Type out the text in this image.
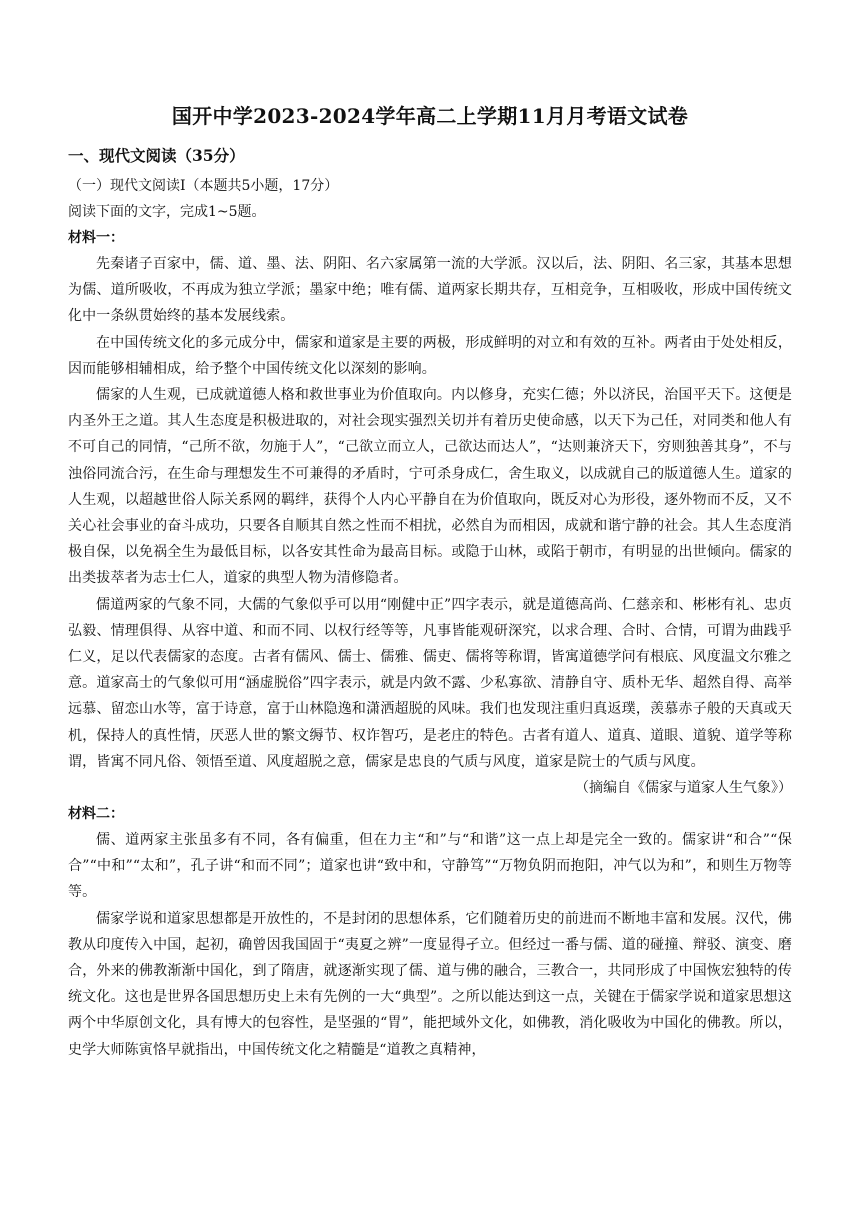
国开中学2023-2024学年高二上学期11月月考语文试卷
一、现代文阅读（35分）
（一）现代文阅读I（本题共5小题，17分）
阅读下面的文字，完成1~5题。
材料一：

先秦诸子百家中，儒、道、墨、法、阴阳、名六家属第一流的大学派。汉以后，法、阴阳、名三家，其基本思想为儒、道所吸收，不再成为独立学派；墨家中绝；唯有儒、道两家长期共存，互相竞争，互相吸收，形成中国传统文化中一条纵贯始终的基本发展线索。

在中国传统文化的多元成分中，儒家和道家是主要的两极，形成鲜明的对立和有效的互补。两者由于处处相反，因而能够相辅相成，给予整个中国传统文化以深刻的影响。

儒家的人生观，已成就道德人格和救世事业为价值取向。内以修身，充实仁德；外以济民，治国平天下。这便是内圣外王之道。其人生态度是积极进取的，对社会现实强烈关切并有着历史使命感，以天下为己任，对同类和他人有不可自己的同情，“己所不欲，勿施于人”，“己欲立而立人，己欲达而达人”，“达则兼济天下，穷则独善其身”，不与浊俗同流合污，在生命与理想发生不可兼得的矛盾时，宁可杀身成仁，舍生取义，以成就自己的版道德人生。道家的人生观，以超越世俗人际关系网的羁绊，获得个人内心平静自在为价值取向，既反对心为形役，逐外物而不反，又不关心社会事业的奋斗成功，只要各自顺其自然之性而不相扰，必然自为而相因，成就和谐宁静的社会。其人生态度消极自保，以免祸全生为最低目标，以各安其性命为最高目标。或隐于山林，或陷于朝市，有明显的出世倾向。儒家的出类拔萃者为志士仁人，道家的典型人物为清修隐者。

儒道两家的气象不同，大儒的气象似乎可以用“刚健中正”四字表示，就是道德高尚、仁慈亲和、彬彬有礼、忠贞弘毅、情理俱得、从容中道、和而不同、以权行经等等，凡事皆能观研深究，以求合理、合时、合情，可谓为曲践乎仁义，足以代表儒家的态度。古者有儒风、儒士、儒雅、儒吏、儒将等称谓，皆寓道德学问有根底、风度温文尔雅之意。道家高士的气象似可用“涵虚脱俗”四字表示，就是内敛不露、少私寡欲、清静自守、质朴无华、超然自得、高举远慕、留恋山水等，富于诗意，富于山林隐逸和潇洒超脱的风味。我们也发现注重归真返璞，羡慕赤子般的天真或天机，保持人的真性情，厌恶人世的繁文缛节、权诈智巧，是老庄的特色。古者有道人、道真、道眼、道貌、道学等称谓，皆寓不同凡俗、领悟至道、风度超脱之意，儒家是忠良的气质与风度，道家是院士的气质与风度。

（摘编自《儒家与道家人生气象》）
材料二：

儒、道两家主张虽多有不同，各有偏重，但在力主“和”与“和谐”这一点上却是完全一致的。儒家讲“和合”“保合”“中和”“太和”，孔子讲“和而不同”；道家也讲“致中和，守静笃”“万物负阴而抱阳，冲气以为和”，和则生万物等等。

儒家学说和道家思想都是开放性的，不是封闭的思想体系，它们随着历史的前进而不断地丰富和发展。汉代，佛教从印度传入中国，起初，确曾因我国固于“夷夏之辨”一度显得孑立。但经过一番与儒、道的碰撞、辩驳、演变、磨合，外来的佛教渐渐中国化，到了隋唐，就逐渐实现了儒、道与佛的融合，三教合一，共同形成了中国恢宏独特的传统文化。这也是世界各国思想历史上未有先例的一大“典型”。之所以能达到这一点，关键在于儒家学说和道家思想这两个中华原创文化，具有博大的包容性，是坚强的“胃”，能把域外文化，如佛教，消化吸收为中国化的佛教。所以，史学大师陈寅恪早就指出，中国传统文化之精髓是“道教之真精神，
